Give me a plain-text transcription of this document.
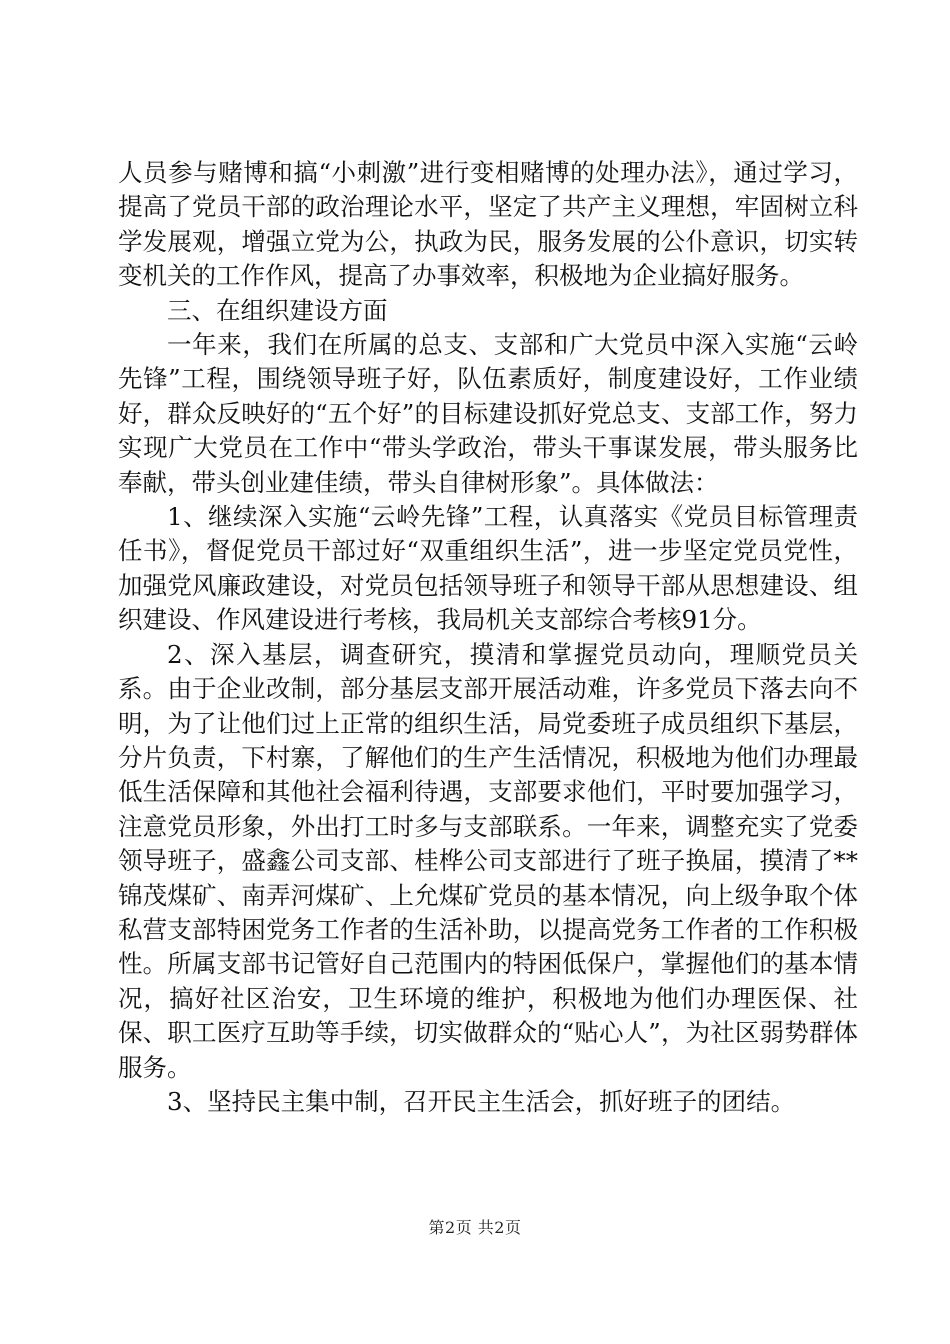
人员参与赌博和搞“小刺激”进行变相赌博的处理办法》，通过学习，提高了党员干部的政治理论水平，坚定了共产主义理想，牢固树立科学发展观，增强立党为公，执政为民，服务发展的公仆意识，切实转变机关的工作作风，提高了办事效率，积极地为企业搞好服务。

三、在组织建设方面

一年来，我们在所属的总支、支部和广大党员中深入实施“云岭先锋”工程，围绕领导班子好，队伍素质好，制度建设好，工作业绩好，群众反映好的“五个好”的目标建设抓好党总支、支部工作，努力实现广大党员在工作中“带头学政治，带头干事谋发展，带头服务比奉献，带头创业建佳绩，带头自律树形象”。具体做法：

1、继续深入实施“云岭先锋”工程，认真落实《党员目标管理责任书》，督促党员干部过好“双重组织生活”，进一步坚定党员党性，加强党风廉政建设，对党员包括领导班子和领导干部从思想建设、组织建设、作风建设进行考核，我局机关支部综合考核91分。

2、深入基层，调查研究，摸清和掌握党员动向，理顺党员关系。由于企业改制，部分基层支部开展活动难，许多党员下落去向不明，为了让他们过上正常的组织生活，局党委班子成员组织下基层，分片负责，下村寨，了解他们的生产生活情况，积极地为他们办理最低生活保障和其他社会福利待遇，支部要求他们，平时要加强学习，注意党员形象，外出打工时多与支部联系。一年来，调整充实了党委领导班子，盛鑫公司支部、桂桦公司支部进行了班子换届，摸清了**锦茂煤矿、南弄河煤矿、上允煤矿党员的基本情况，向上级争取个体私营支部特困党务工作者的生活补助，以提高党务工作者的工作积极性。所属支部书记管好自己范围内的特困低保户，掌握他们的基本情况，搞好社区治安，卫生环境的维护，积极地为他们办理医保、社保、职工医疗互助等手续，切实做群众的“贴心人”，为社区弱势群体服务。

3、坚持民主集中制，召开民主生活会，抓好班子的团结。

第2页 共2页
